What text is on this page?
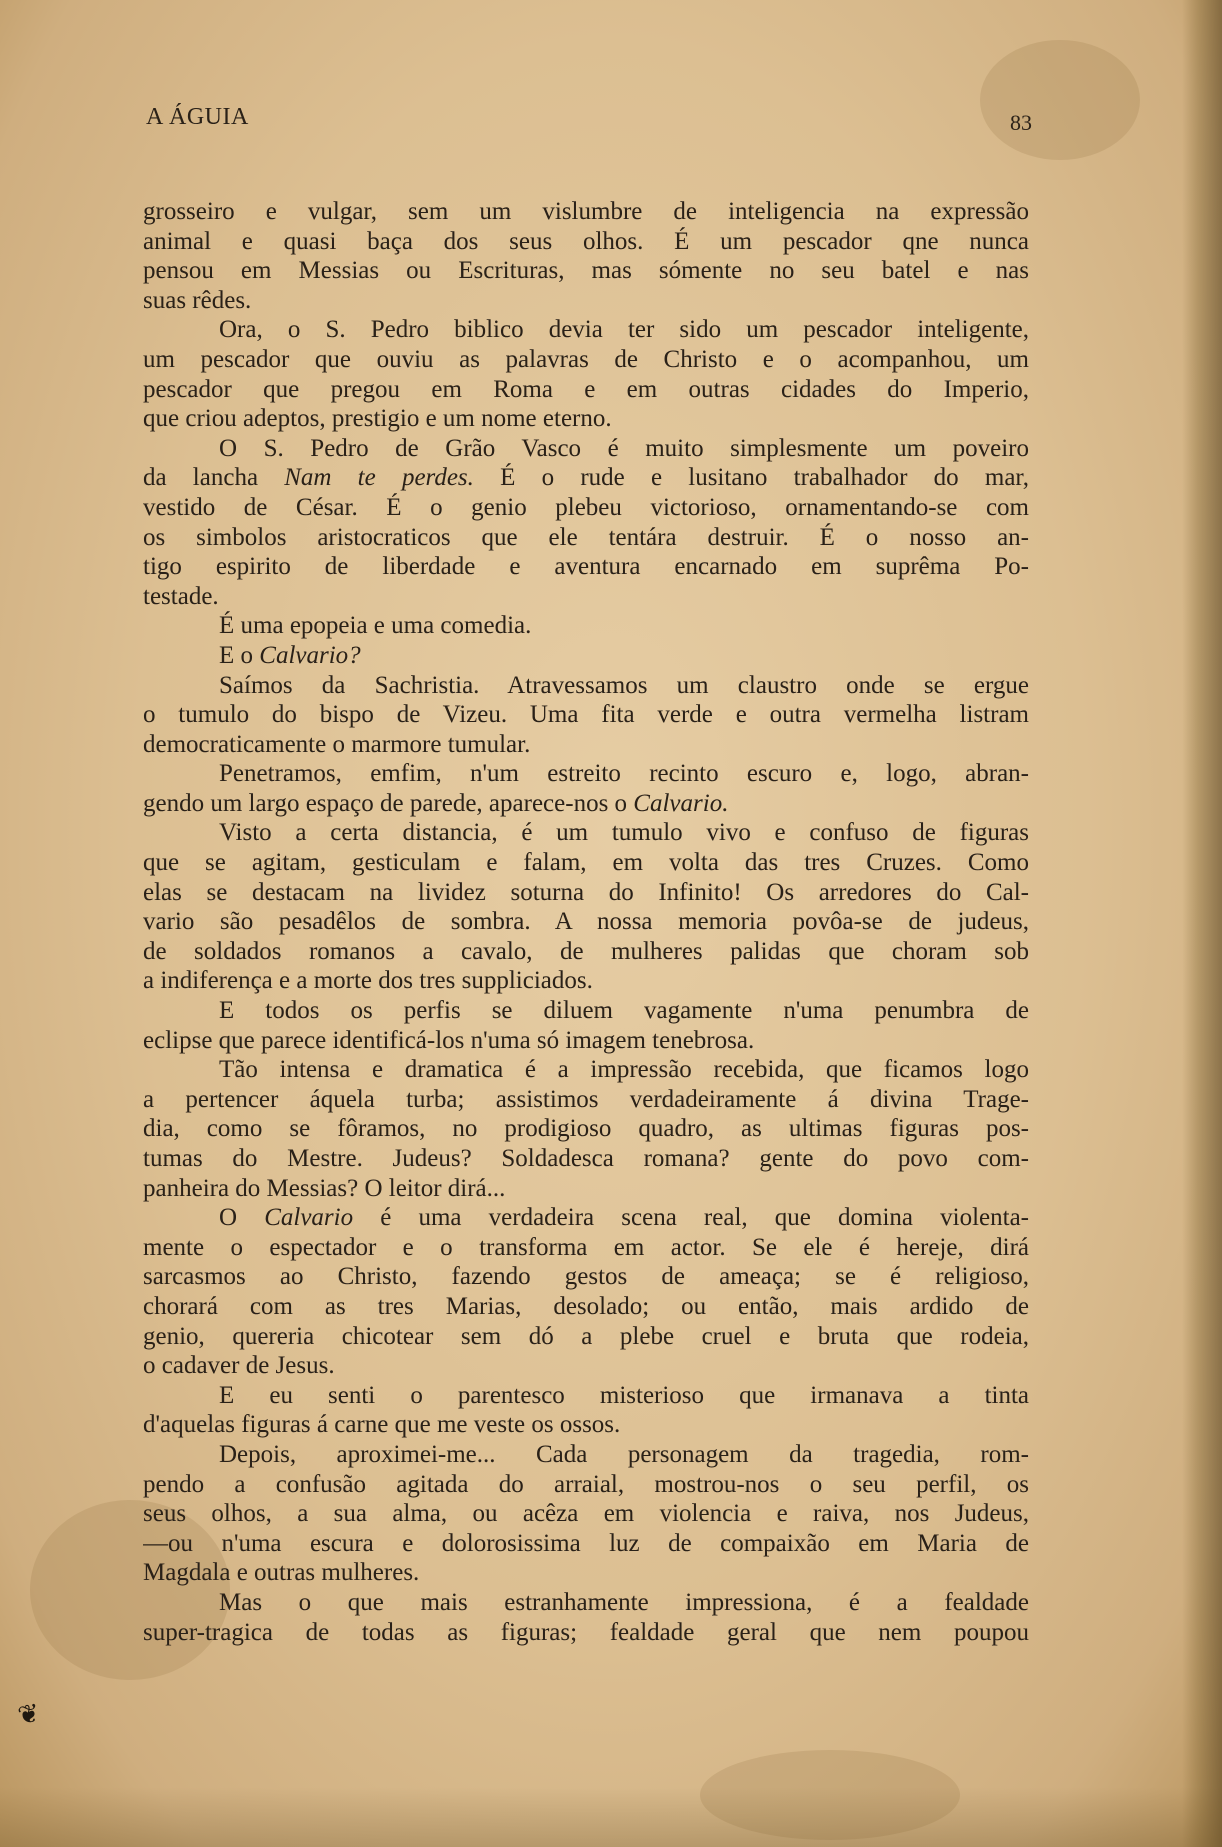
A ÁGUIA	83
grosseiro e vulgar, sem um vislumbre de inteligencia na expressão
animal e quasi baça dos seus olhos. É um pescador qne nunca
pensou em Messias ou Escrituras, mas sómente no seu batel e nas
suas rêdes.
Ora, o S. Pedro biblico devia ter sido um pescador inteligente,
um pescador que ouviu as palavras de Christo e o acompanhou, um
pescador que pregou em Roma e em outras cidades do Imperio,
que criou adeptos, prestigio e um nome eterno.
O S. Pedro de Grão Vasco é muito simplesmente um poveiro
da lancha Nam te perdes. É o rude e lusitano trabalhador do mar,
vestido de César. É o genio plebeu victorioso, ornamentando-se com
os simbolos aristocraticos que ele tentára destruir. É o nosso an-
tigo espirito de liberdade e aventura encarnado em suprêma Po-
testade.
É uma epopeia e uma comedia.
E o Calvario?
Saímos da Sachristia. Atravessamos um claustro onde se ergue
o tumulo do bispo de Vizeu. Uma fita verde e outra vermelha listram
democraticamente o marmore tumular.
Penetramos, emfim, n'um estreito recinto escuro e, logo, abran-
gendo um largo espaço de parede, aparece-nos o Calvario.
Visto a certa distancia, é um tumulo vivo e confuso de figuras
que se agitam, gesticulam e falam, em volta das tres Cruzes. Como
elas se destacam na lividez soturna do Infinito! Os arredores do Cal-
vario são pesadêlos de sombra. A nossa memoria povôa-se de judeus,
de soldados romanos a cavalo, de mulheres palidas que choram sob
a indiferença e a morte dos tres suppliciados.
E todos os perfis se diluem vagamente n'uma penumbra de
eclipse que parece identificá-los n'uma só imagem tenebrosa.
Tão intensa e dramatica é a impressão recebida, que ficamos logo
a pertencer áquela turba; assistimos verdadeiramente á divina Trage-
dia, como se fôramos, no prodigioso quadro, as ultimas figuras pos-
tumas do Mestre. Judeus? Soldadesca romana? gente do povo com-
panheira do Messias? O leitor dirá...
O Calvario é uma verdadeira scena real, que domina violenta-
mente o espectador e o transforma em actor. Se ele é hereje, dirá
sarcasmos ao Christo, fazendo gestos de ameaça; se é religioso,
chorará com as tres Marias, desolado; ou então, mais ardido de
genio, quereria chicotear sem dó a plebe cruel e bruta que rodeia,
o cadaver de Jesus.
E eu senti o parentesco misterioso que irmanava a tinta
d'aquelas figuras á carne que me veste os ossos.
Depois, aproximei-me... Cada personagem da tragedia, rom-
pendo a confusão agitada do arraial, mostrou-nos o seu perfil, os
seus olhos, a sua alma, ou acêza em violencia e raiva, nos Judeus,
—ou n'uma escura e dolorosissima luz de compaixão em Maria de
Magdala e outras mulheres.
Mas o que mais estranhamente impressiona, é a fealdade
super-tragica de todas as figuras; fealdade geral que nem poupou
❦
